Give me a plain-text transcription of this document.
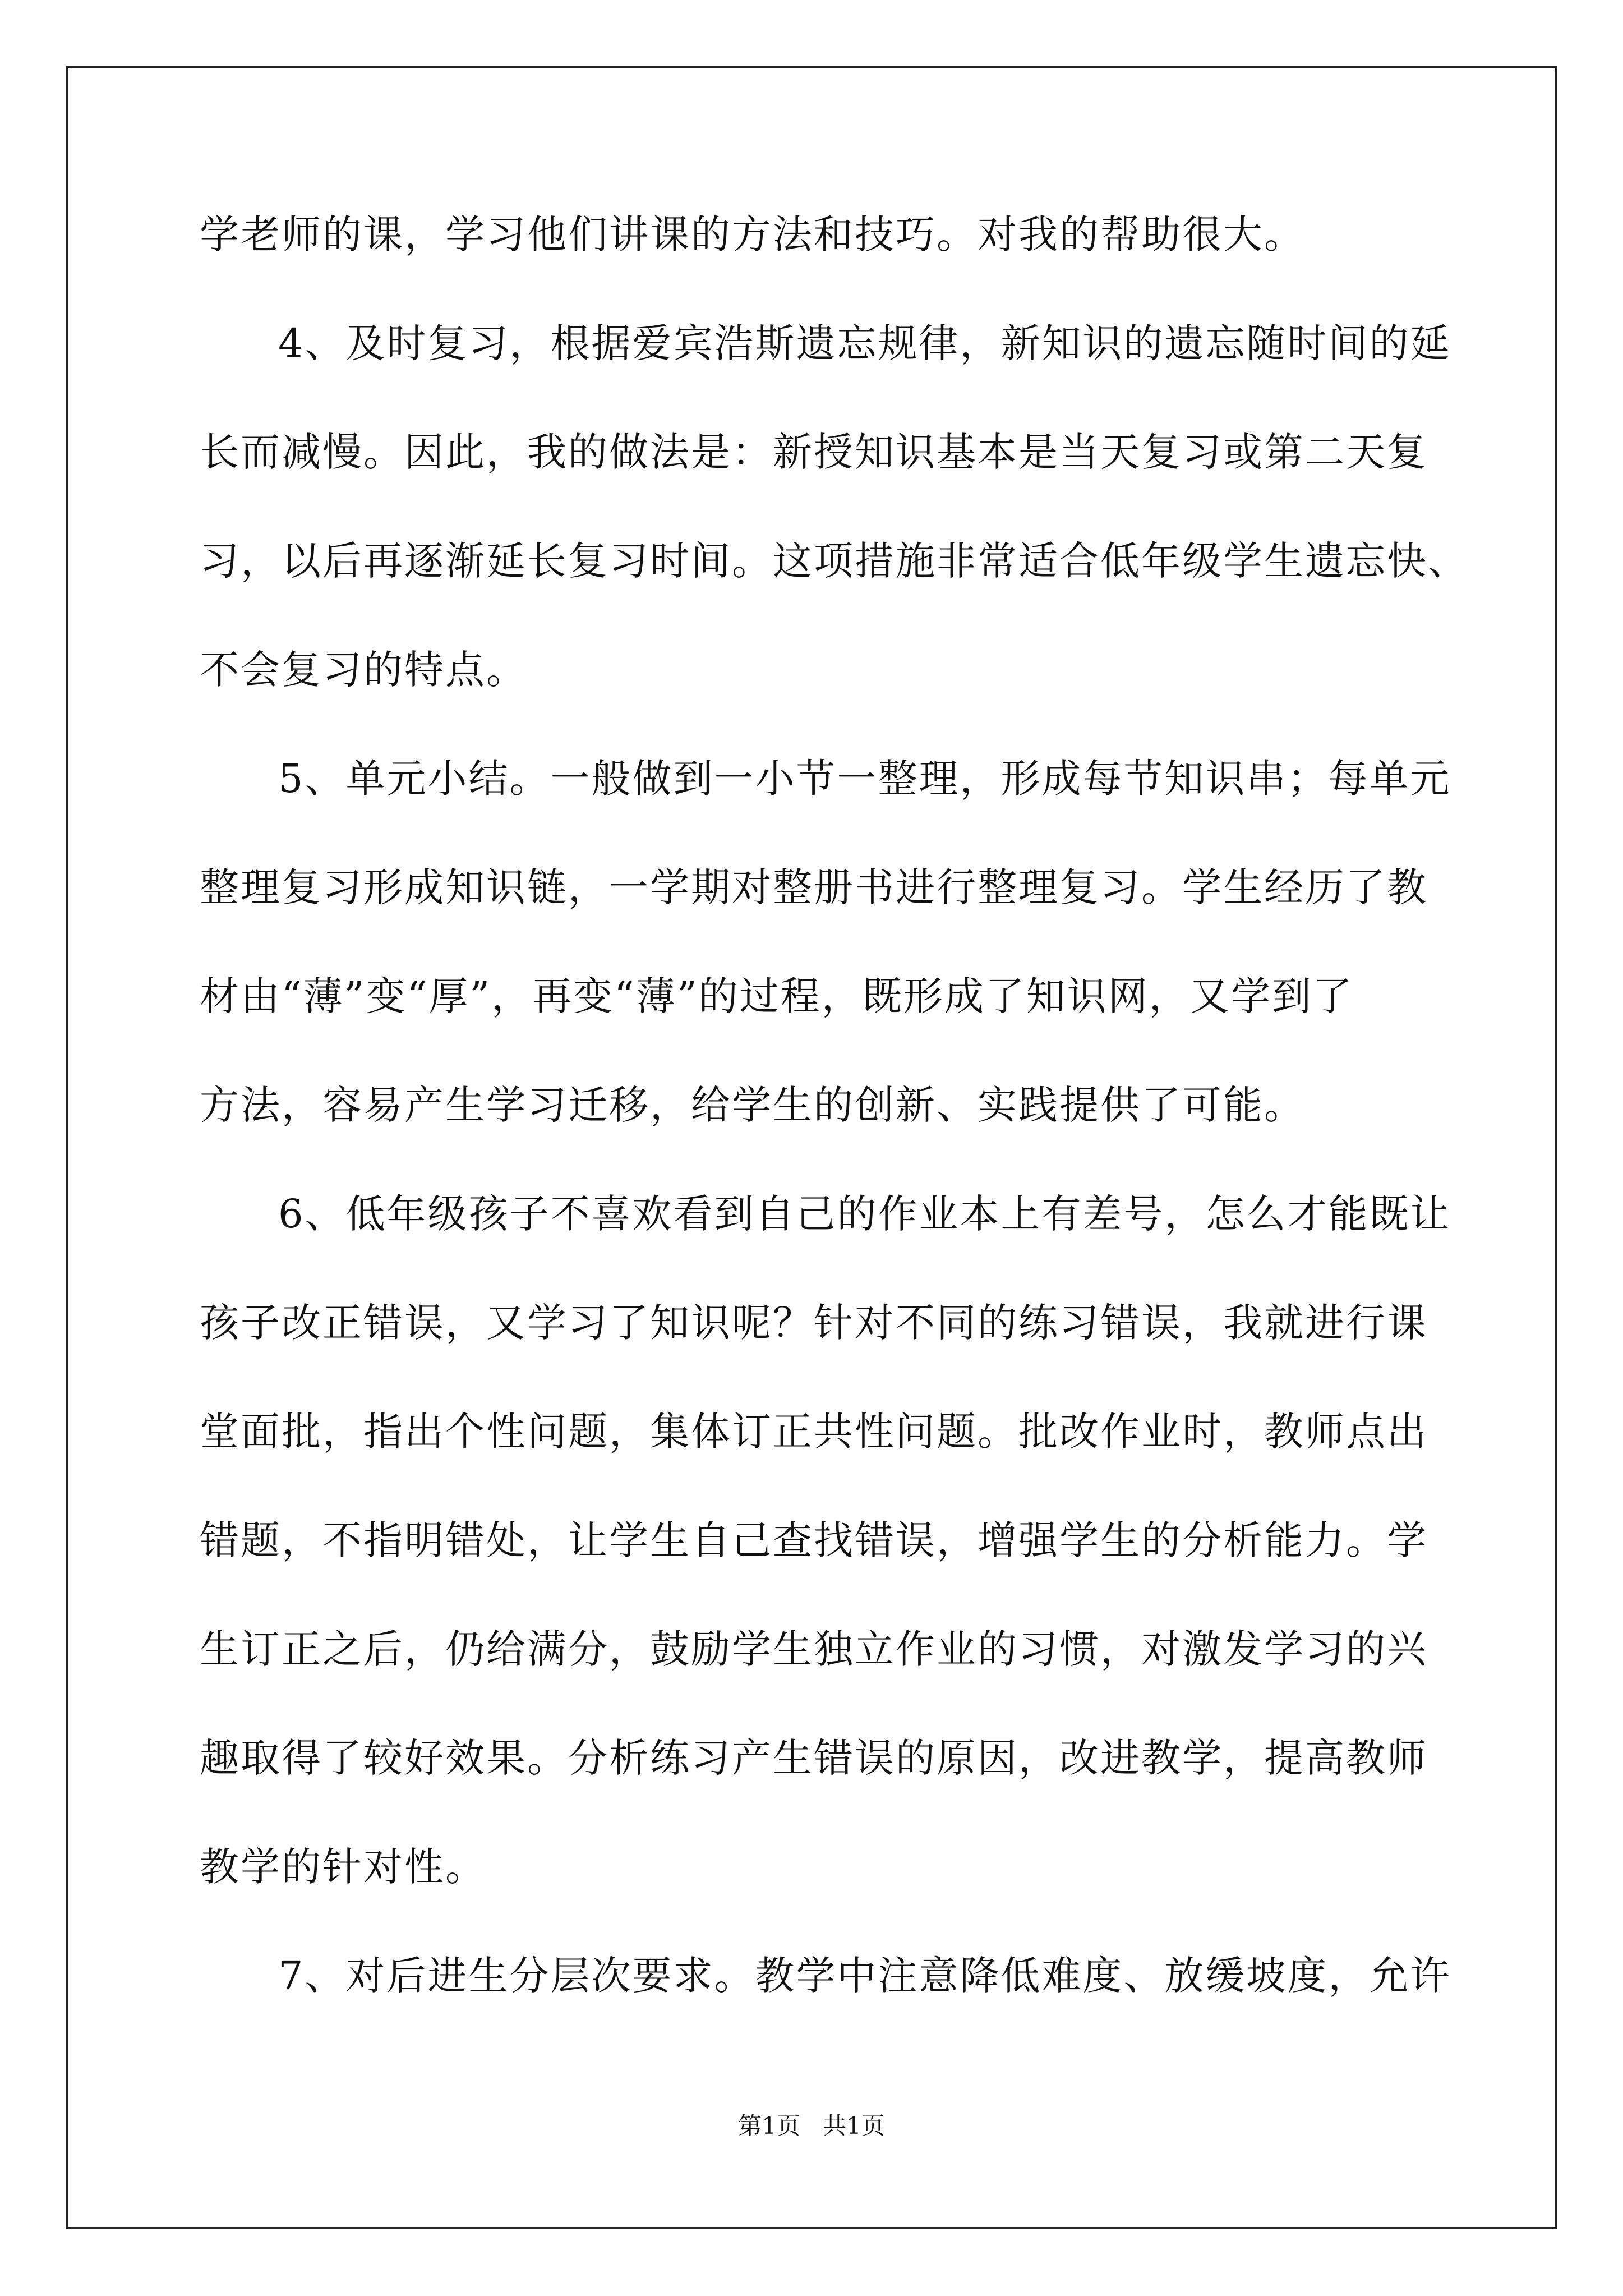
学老师的课，学习他们讲课的方法和技巧。对我的帮助很大。
4、及时复习，根据爱宾浩斯遗忘规律，新知识的遗忘随时间的延
长而减慢。因此，我的做法是：新授知识基本是当天复习或第二天复
习，以后再逐渐延长复习时间。这项措施非常适合低年级学生遗忘快、
不会复习的特点。
5、单元小结。一般做到一小节一整理，形成每节知识串；每单元
整理复习形成知识链，一学期对整册书进行整理复习。学生经历了教
材由“薄”变“厚”，再变“薄”的过程，既形成了知识网，又学到了
方法，容易产生学习迁移，给学生的创新、实践提供了可能。
6、低年级孩子不喜欢看到自己的作业本上有差号，怎么才能既让
孩子改正错误，又学习了知识呢？针对不同的练习错误，我就进行课
堂面批，指出个性问题，集体订正共性问题。批改作业时，教师点出
错题，不指明错处，让学生自己查找错误，增强学生的分析能力。学
生订正之后，仍给满分，鼓励学生独立作业的习惯，对激发学习的兴
趣取得了较好效果。分析练习产生错误的原因，改进教学，提高教师
教学的针对性。
7、对后进生分层次要求。教学中注意降低难度、放缓坡度，允许
第1页 共1页
